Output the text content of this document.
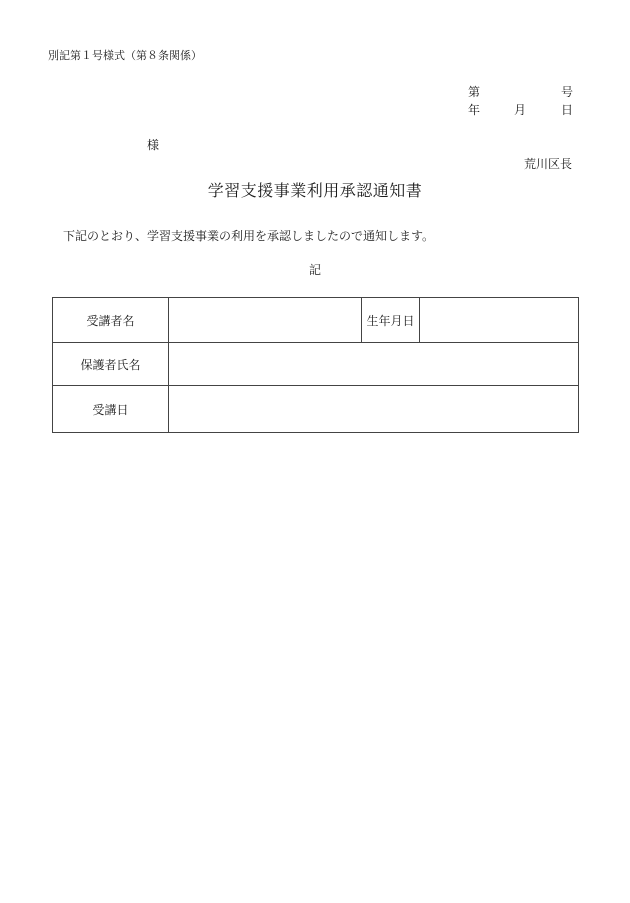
別記第１号様式（第８条関係）
第	号
年	月	日
様
荒川区長
学習支援事業利用承認通知書
下記のとおり、学習支援事業の利用を承認しましたので通知します。
記
受講者名		生年月日	
保護者氏名			
受講日			
